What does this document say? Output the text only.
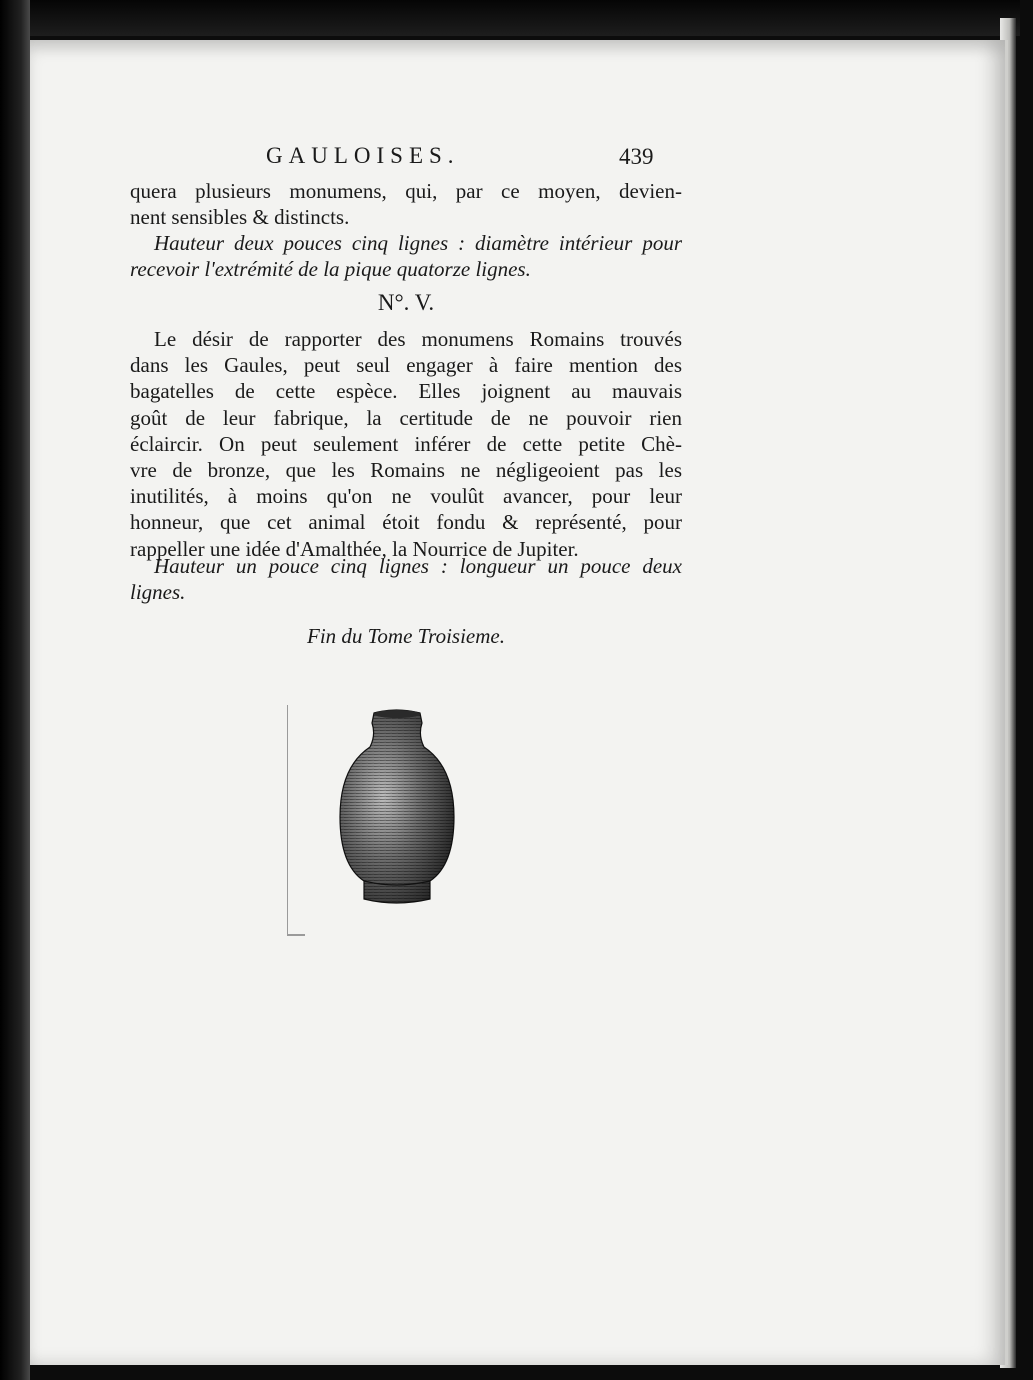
GAULOISES.	439
quera plusieurs monumens, qui, par ce moyen, devien-
nent sensibles & distincts.
Hauteur deux pouces cinq lignes : diamètre intérieur pour
recevoir l'extrémité de la pique quatorze lignes.
N°. V.
Le désir de rapporter des monumens Romains trouvés
dans les Gaules, peut seul engager à faire mention des
bagatelles de cette espèce. Elles joignent au mauvais
goût de leur fabrique, la certitude de ne pouvoir rien
éclaircir. On peut seulement inférer de cette petite Chè-
vre de bronze, que les Romains ne négligeoient pas les
inutilités, à moins qu'on ne voulût avancer, pour leur
honneur, que cet animal étoit fondu & représenté, pour
rappeller une idée d'Amalthée, la Nourrice de Jupiter.
Hauteur un pouce cinq lignes : longueur un pouce deux
lignes.
Fin du Tome Troisieme.
